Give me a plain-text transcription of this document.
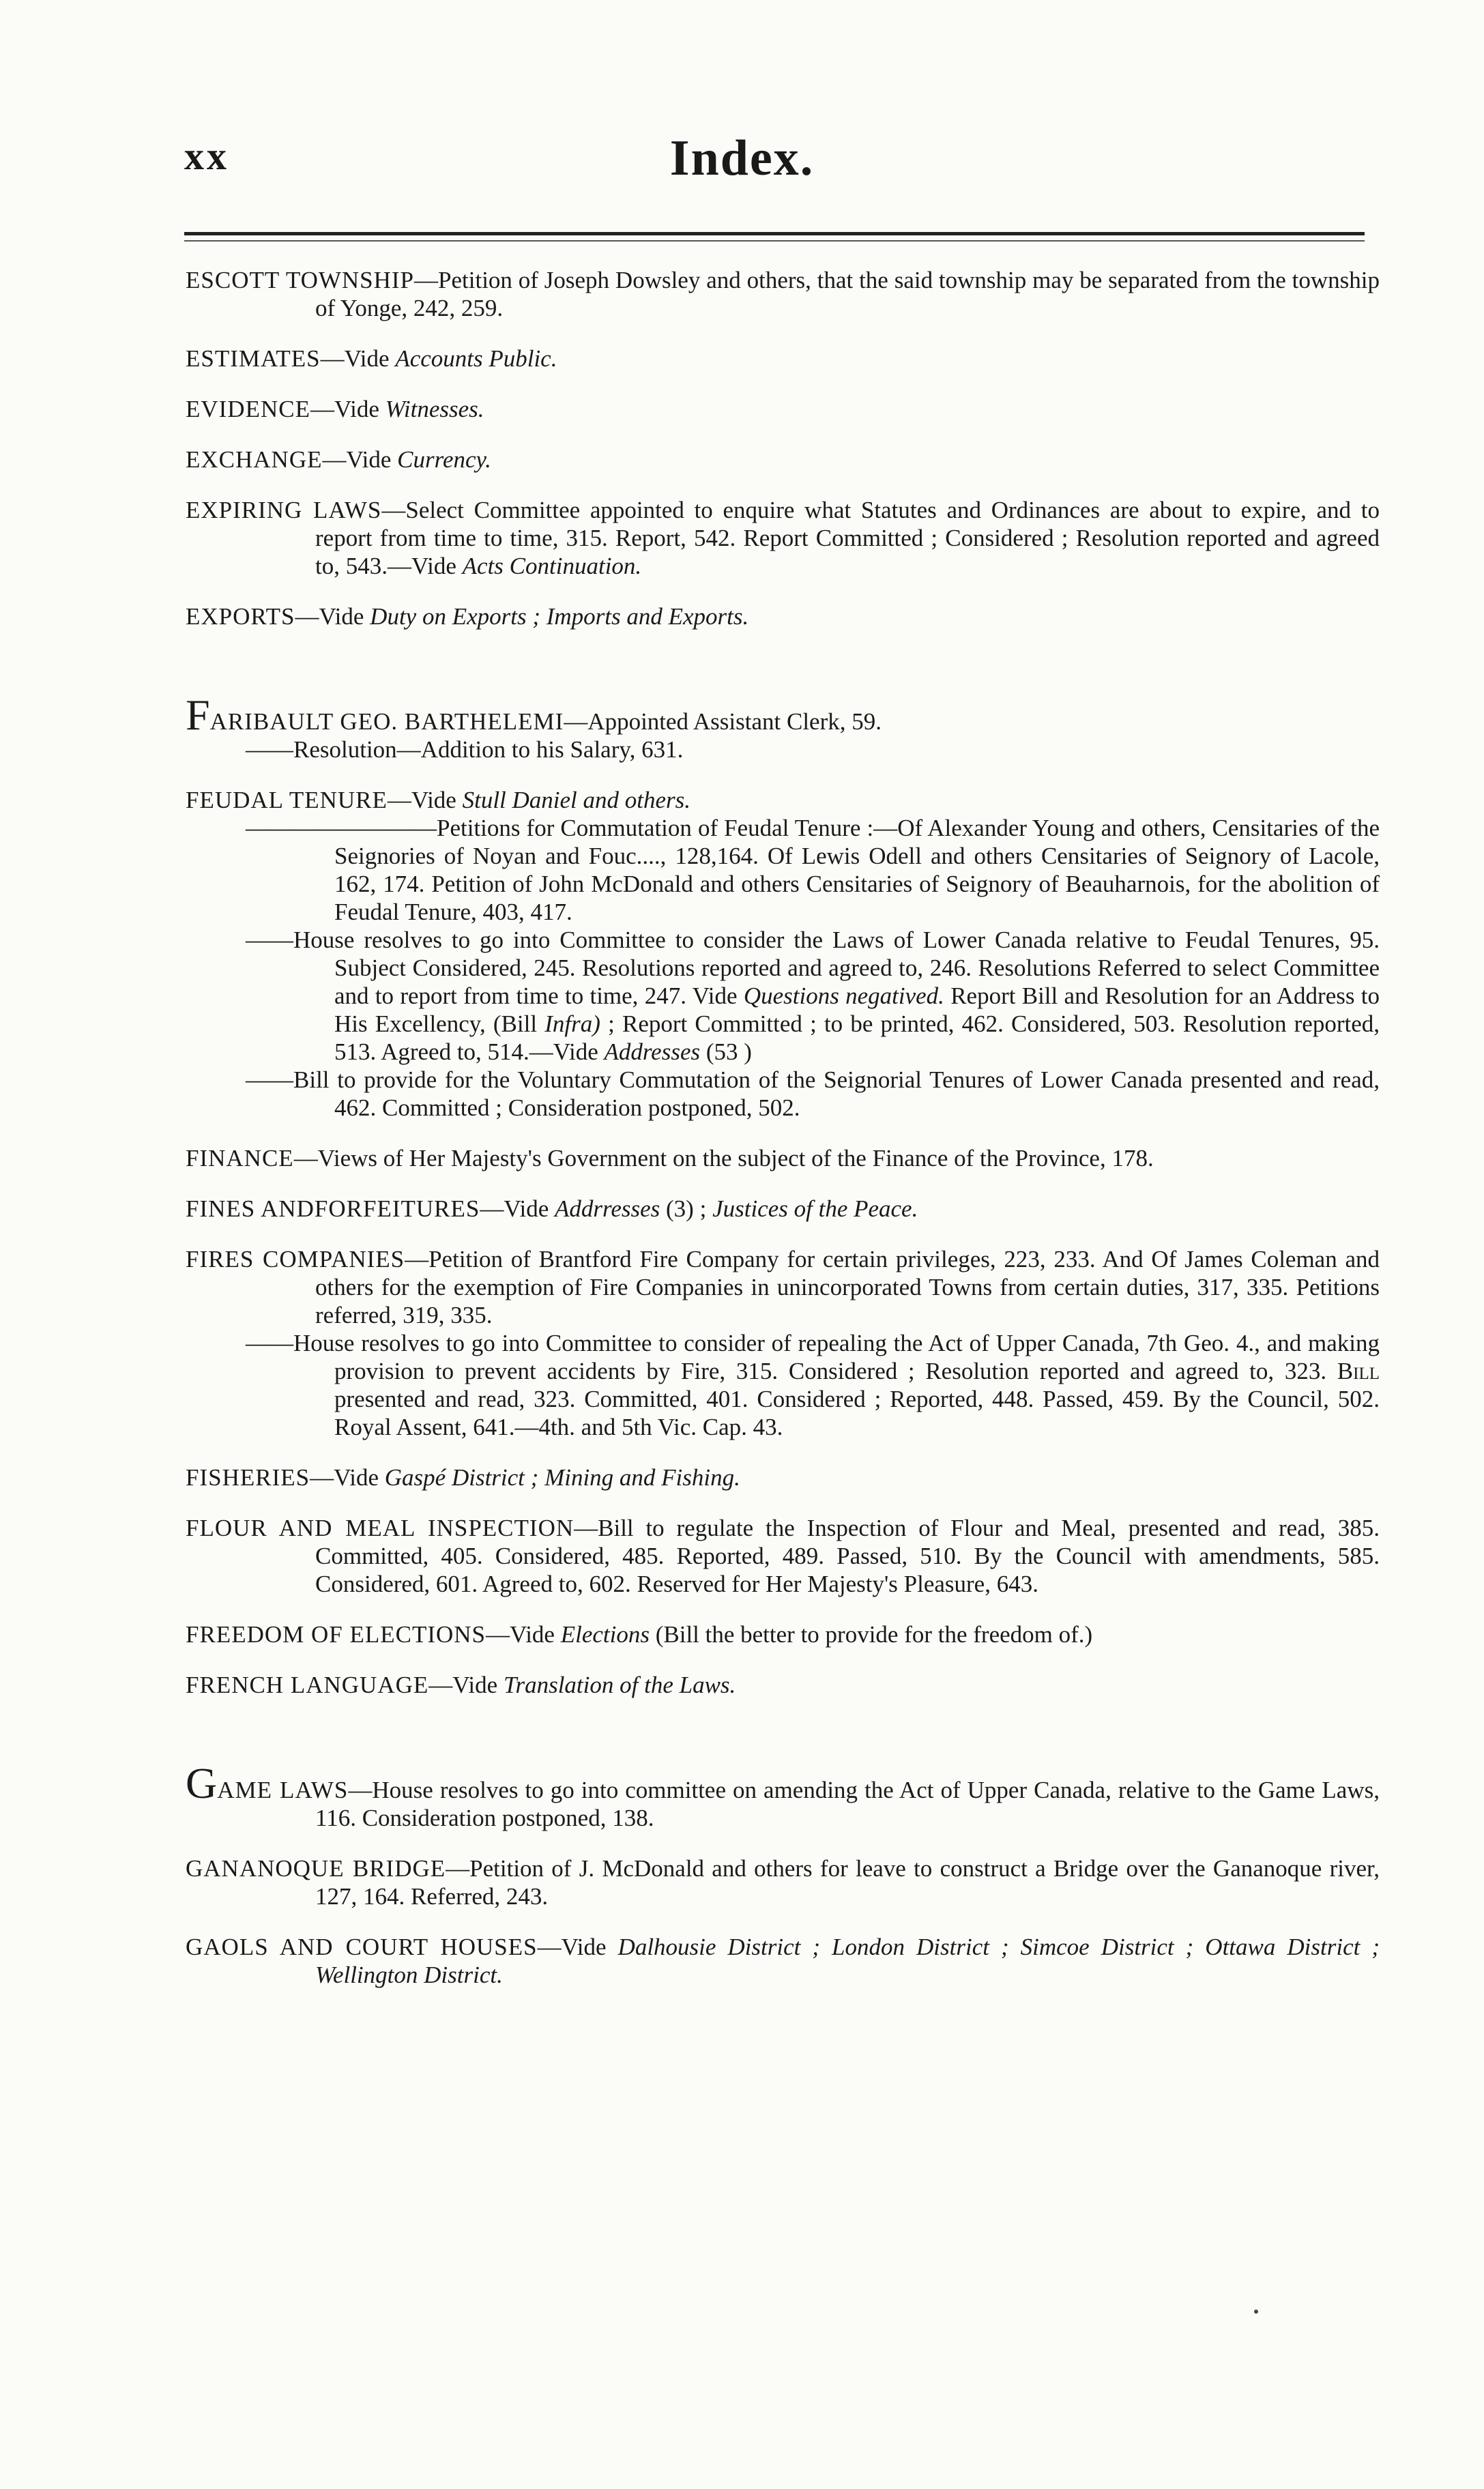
xx	Index.

ESCOTT TOWNSHIP—Petition of Joseph Dowsley and others, that the said township may be separated from the township of Yonge, 242, 259.

ESTIMATES—Vide Accounts Public.

EVIDENCE—Vide Witnesses.

EXCHANGE—Vide Currency.

EXPIRING LAWS—Select Committee appointed to enquire what Statutes and Ordinances are about to expire, and to report from time to time, 315. Report, 542. Report Committed ; Considered ; Resolution reported and agreed to, 543.—Vide Acts Continuation.

EXPORTS—Vide Duty on Exports ; Imports and Exports.

FARIBAULT GEO. BARTHELEMI—Appointed Assistant Clerk, 59.

——Resolution—Addition to his Salary, 631.

FEUDAL TENURE—Vide Stull Daniel and others.

————————Petitions for Commutation of Feudal Tenure :—Of Alexander Young and others, Censitaries of the Seignories of Noyan and Fouc...., 128,164. Of Lewis Odell and others Censitaries of Seignory of Lacole, 162, 174. Petition of John McDonald and others Censitaries of Seignory of Beauharnois, for the abolition of Feudal Tenure, 403, 417.

——House resolves to go into Committee to consider the Laws of Lower Canada relative to Feudal Tenures, 95. Subject Considered, 245. Resolutions reported and agreed to, 246. Resolutions Referred to select Committee and to report from time to time, 247. Vide Questions negatived. Report Bill and Resolution for an Address to His Excellency, (Bill Infra) ; Report Committed ; to be printed, 462. Considered, 503. Resolution reported, 513. Agreed to, 514.—Vide Addresses (53 )

——Bill to provide for the Voluntary Commutation of the Seignorial Tenures of Lower Canada presented and read, 462. Committed ; Consideration postponed, 502.

FINANCE—Views of Her Majesty's Government on the subject of the Finance of the Province, 178.

FINES ANDFORFEITURES—Vide Addrresses (3) ; Justices of the Peace.

FIRES COMPANIES—Petition of Brantford Fire Company for certain privileges, 223, 233. And Of James Coleman and others for the exemption of Fire Companies in unincorporated Towns from certain duties, 317, 335. Petitions referred, 319, 335.

——House resolves to go into Committee to consider of repealing the Act of Upper Canada, 7th Geo. 4., and making provision to prevent accidents by Fire, 315. Considered ; Resolution reported and agreed to, 323. Bill presented and read, 323. Committed, 401. Considered ; Reported, 448. Passed, 459. By the Council, 502. Royal Assent, 641.—4th. and 5th Vic. Cap. 43.

FISHERIES—Vide Gaspé District ; Mining and Fishing.

FLOUR AND MEAL INSPECTION—Bill to regulate the Inspection of Flour and Meal, presented and read, 385. Committed, 405. Considered, 485. Reported, 489. Passed, 510. By the Council with amendments, 585. Considered, 601. Agreed to, 602. Reserved for Her Majesty's Pleasure, 643.

FREEDOM OF ELECTIONS—Vide Elections (Bill the better to provide for the freedom of.)

FRENCH LANGUAGE—Vide Translation of the Laws.

GAME LAWS—House resolves to go into committee on amending the Act of Upper Canada, relative to the Game Laws, 116. Consideration postponed, 138.

GANANOQUE BRIDGE—Petition of J. McDonald and others for leave to construct a Bridge over the Gananoque river, 127, 164. Referred, 243.

GAOLS AND COURT HOUSES—Vide Dalhousie District ; London District ; Simcoe District ; Ottawa District ; Wellington District.
